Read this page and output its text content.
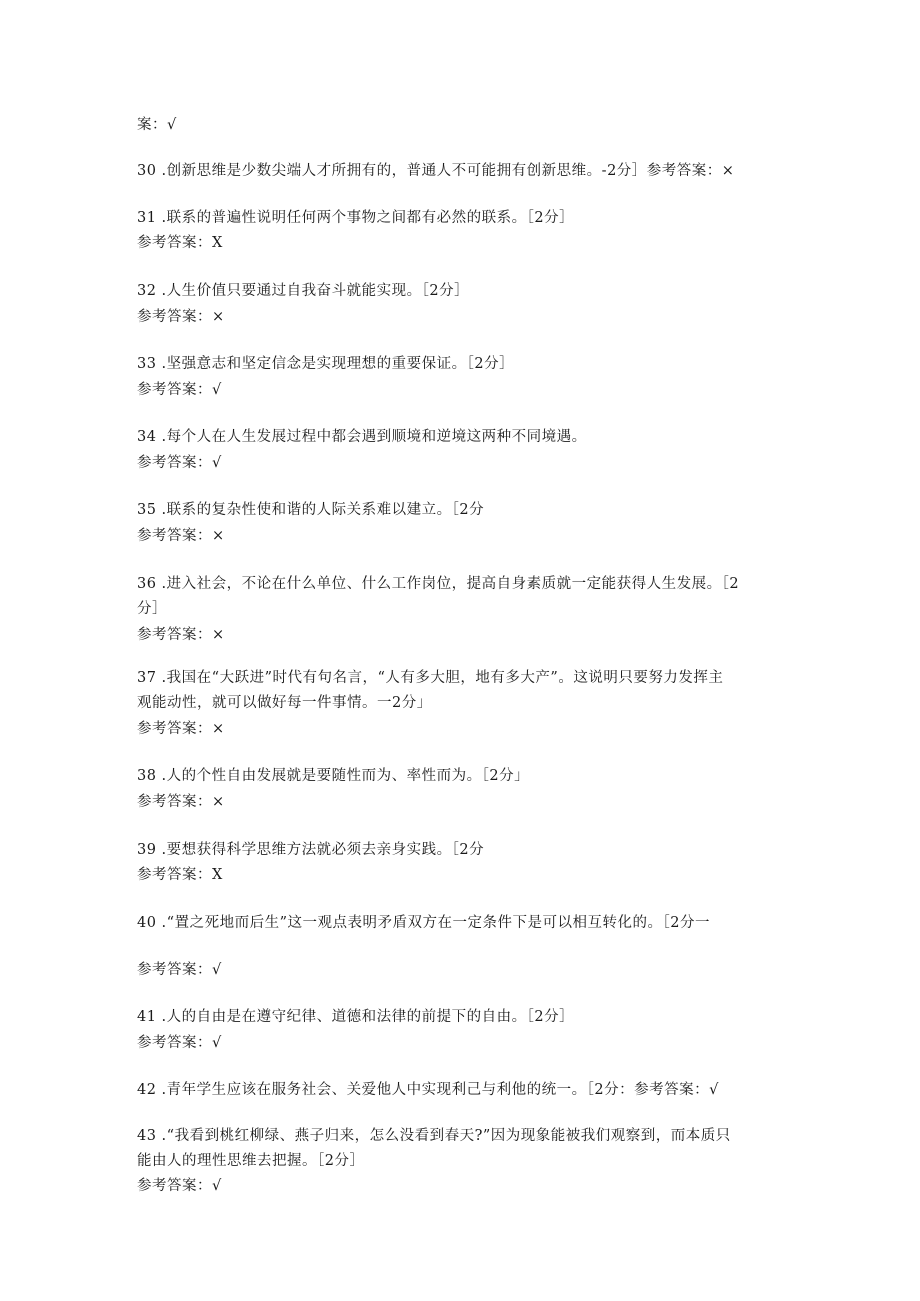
案：√
30 .创新思维是少数尖端人才所拥有的，普通人不可能拥有创新思维。-2分］参考答案：×
31 .联系的普遍性说明任何两个事物之间都有必然的联系。［2分］
参考答案：X
32 .人生价值只要通过自我奋斗就能实现。［2分］
参考答案：×
33 .坚强意志和坚定信念是实现理想的重要保证。［2分］
参考答案：√
34 .每个人在人生发展过程中都会遇到顺境和逆境这两种不同境遇。
参考答案：√
35 .联系的复杂性使和谐的人际关系难以建立。［2分
参考答案：×
36 .进入社会，不论在什么单位、什么工作岗位，提高自身素质就一定能获得人生发展。［2
分］
参考答案：×
37 .我国在“大跃进”时代有句名言，“人有多大胆，地有多大产”。这说明只要努力发挥主
观能动性，就可以做好每一件事情。一2分」
参考答案：×
38 .人的个性自由发展就是要随性而为、率性而为。［2分」
参考答案：×
39 .要想获得科学思维方法就必须去亲身实践。［2分
参考答案：X
40 .“置之死地而后生”这一观点表明矛盾双方在一定条件下是可以相互转化的。［2分一
参考答案：√
41 .人的自由是在遵守纪律、道德和法律的前提下的自由。［2分］
参考答案：√
42 .青年学生应该在服务社会、关爱他人中实现利己与利他的统一。［2分：参考答案：√
43 .“我看到桃红柳绿、燕子归来，怎么没看到春天?”因为现象能被我们观察到，而本质只
能由人的理性思维去把握。［2分］
参考答案：√
